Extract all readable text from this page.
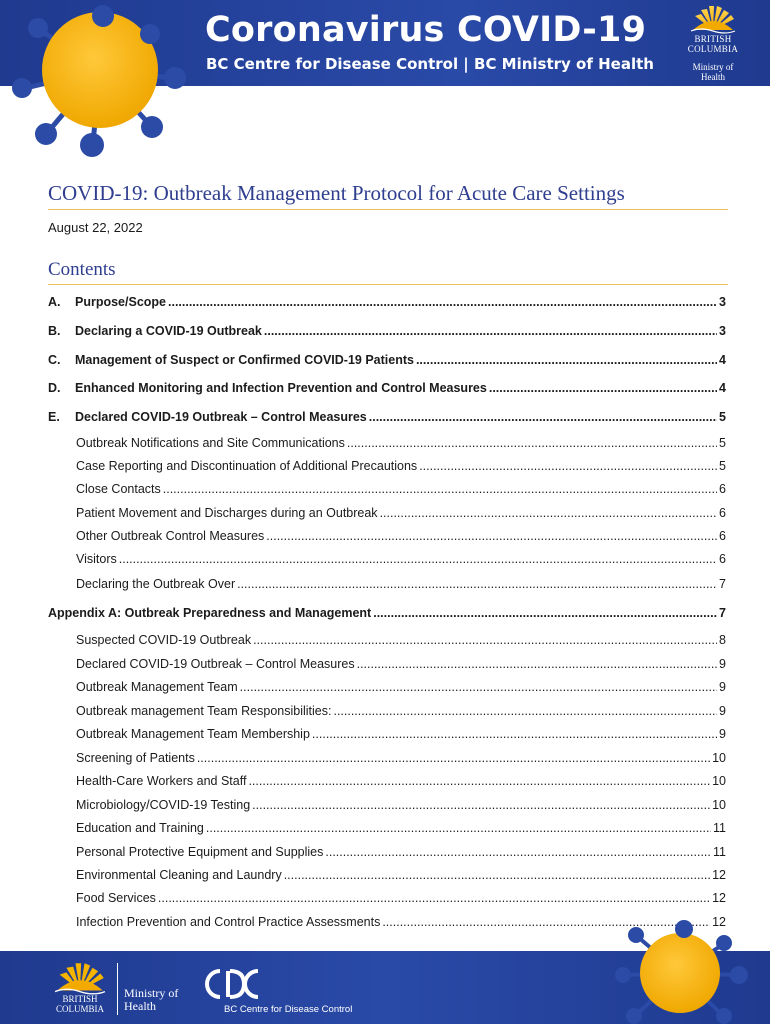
Coronavirus COVID-19
BC Centre for Disease Control | BC Ministry of Health
BRITISH
COLUMBIA
Ministry of
Health
COVID-19: Outbreak Management Protocol for Acute Care Settings
August 22, 2022
Contents
A.	Purpose/Scope .....	3
B.	Declaring a COVID-19 Outbreak .....	3
C.	Management of Suspect or Confirmed COVID-19 Patients .....	4
D.	Enhanced Monitoring and Infection Prevention and Control Measures .....	4
E.	Declared COVID-19 Outbreak – Control Measures .....	5
Outbreak Notifications and Site Communications .....	5
Case Reporting and Discontinuation of Additional Precautions .....	5
Close Contacts .....	6
Patient Movement and Discharges during an Outbreak .....	6
Other Outbreak Control Measures .....	6
Visitors .....	6
Declaring the Outbreak Over .....	7
Appendix A: Outbreak Preparedness and Management .....	7
Suspected COVID-19 Outbreak .....	8
Declared COVID-19 Outbreak – Control Measures .....	9
Outbreak Management Team .....	9
Outbreak management Team Responsibilities: .....	9
Outbreak Management Team Membership .....	9
Screening of Patients .....	10
Health-Care Workers and Staff .....	10
Microbiology/COVID-19 Testing .....	10
Education and Training .....	11
Personal Protective Equipment and Supplies .....	11
Environmental Cleaning and Laundry .....	12
Food Services .....	12
Infection Prevention and Control Practice Assessments .....	12
BRITISH
COLUMBIA
Ministry of
Health	BC Centre for Disease Control
